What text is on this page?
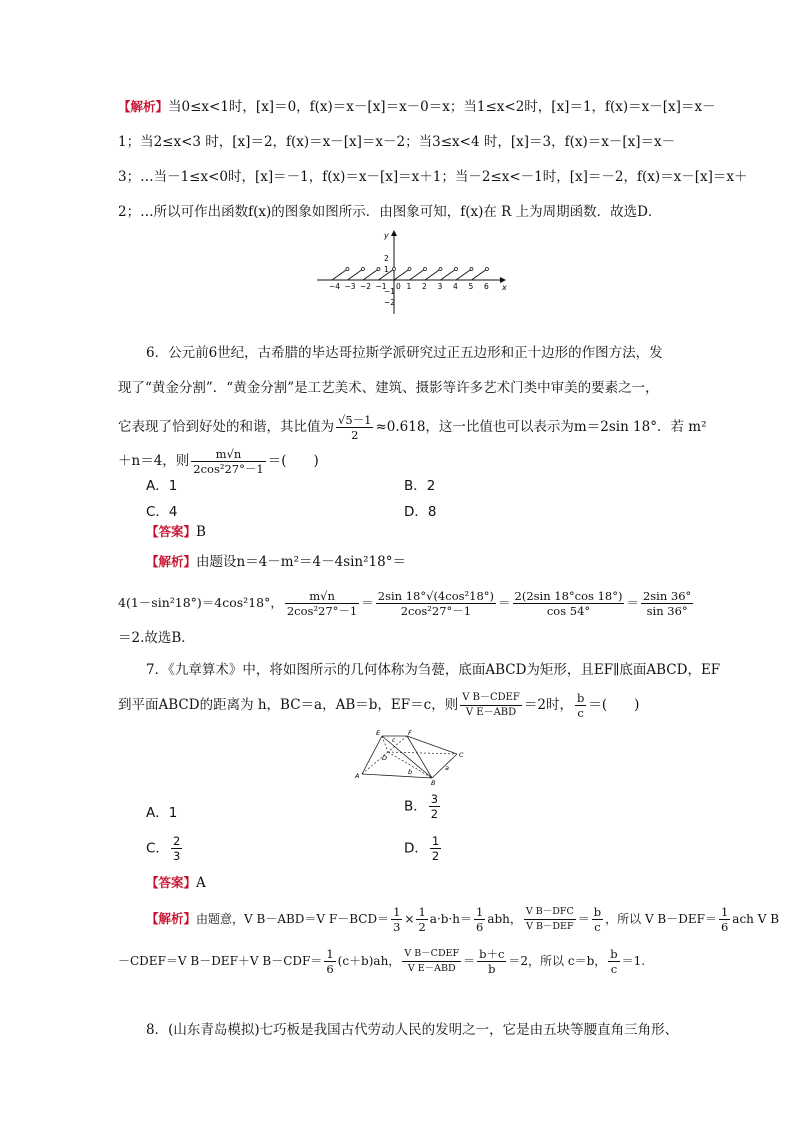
【解析】当0≤x<1时，[x]＝0，f(x)＝x－[x]＝x－0＝x；当1≤x<2时，[x]＝1，f(x)＝x－[x]＝x－
1；当2≤x<3 时，[x]＝2，f(x)＝x－[x]＝x－2；当3≤x<4 时，[x]＝3，f(x)＝x－[x]＝x－
3；…当－1≤x<0时，[x]＝－1，f(x)＝x－[x]＝x＋1；当－2≤x<－1时，[x]＝－2，f(x)＝x－[x]＝x＋
2；…所以可作出函数f(x)的图象如图所示．由图象可知，f(x)在 R 上为周期函数．故选D．
y
x
0
−4 −3 −2 −1	1 2 3 4 5 6
2
1
−1
−2
6．公元前6世纪，古希腊的毕达哥拉斯学派研究过正五边形和正十边形的作图方法，发
现了“黄金分割”．“黄金分割”是工艺美术、建筑、摄影等许多艺术门类中审美的要素之一，
它表现了恰到好处的和谐，其比值为 $\frac{√5-1}{2} \approx 0.618$，这一比值也可以表示为m＝2sin 18°．若 m²
＋n＝4，则 $\frac{m√n}{\text{2cos²27°－1}}$ ＝(　　)
A．1	B．2
C．4	D．8
【答案】B
【解析】由题设n＝4－m²＝4－4sin²18°＝
4(1－sin²18°)＝4cos²18°， $\frac{m√n}{\text{2cos²27°－1}} = \frac{\text{2sin 18°√(4cos²18°)}}{\text{2cos²27°－1}} = \frac{2(2\sin 18^\circ\cos 18^\circ)}{\cos 54^\circ} = \frac{2\sin 36^\circ}{\sin 36^\circ}$
＝2.故选B．
7．《九章算术》中，将如图所示的几何体称为刍甍，底面ABCD为矩形，且EF∥底面ABCD，EF
到平面ABCD的距离为 h，BC＝a，AB＝b，EF＝c，则 $\frac{\text{V B－CDEF}}{\text{V E－ABD}} =2$时， $\frac{b}{c}$ ＝(　　)
E	F
C
D
A
B
a
b
c
A．1	B． $\frac{3}{2}$
C． $\frac{2}{3}$	D． $\frac{1}{2}$
【答案】A
【解析】由题意，V B－ABD＝V $F-BCD= \frac{1}{3} \times \frac{1}{2} a\cdot b\cdot h= \frac{1}{6}$ abh， $\frac{\text{V B－DFC}}{\text{V B－DEF}} = \frac{b}{c}$ ，所以 V $B-DEF= \frac{1}{6}$ ach V B
－CDEF＝V B－DEF＋V $B-CDF= \frac{1}{6} (c+b)ah$， $\frac{\text{V B－CDEF}}{\text{V E－ABD}} = \frac{b+c}{b} =2$，所以 c＝b， $\frac{b}{c} =1$.
8．(山东青岛模拟)七巧板是我国古代劳动人民的发明之一，它是由五块等腰直角三角形、
